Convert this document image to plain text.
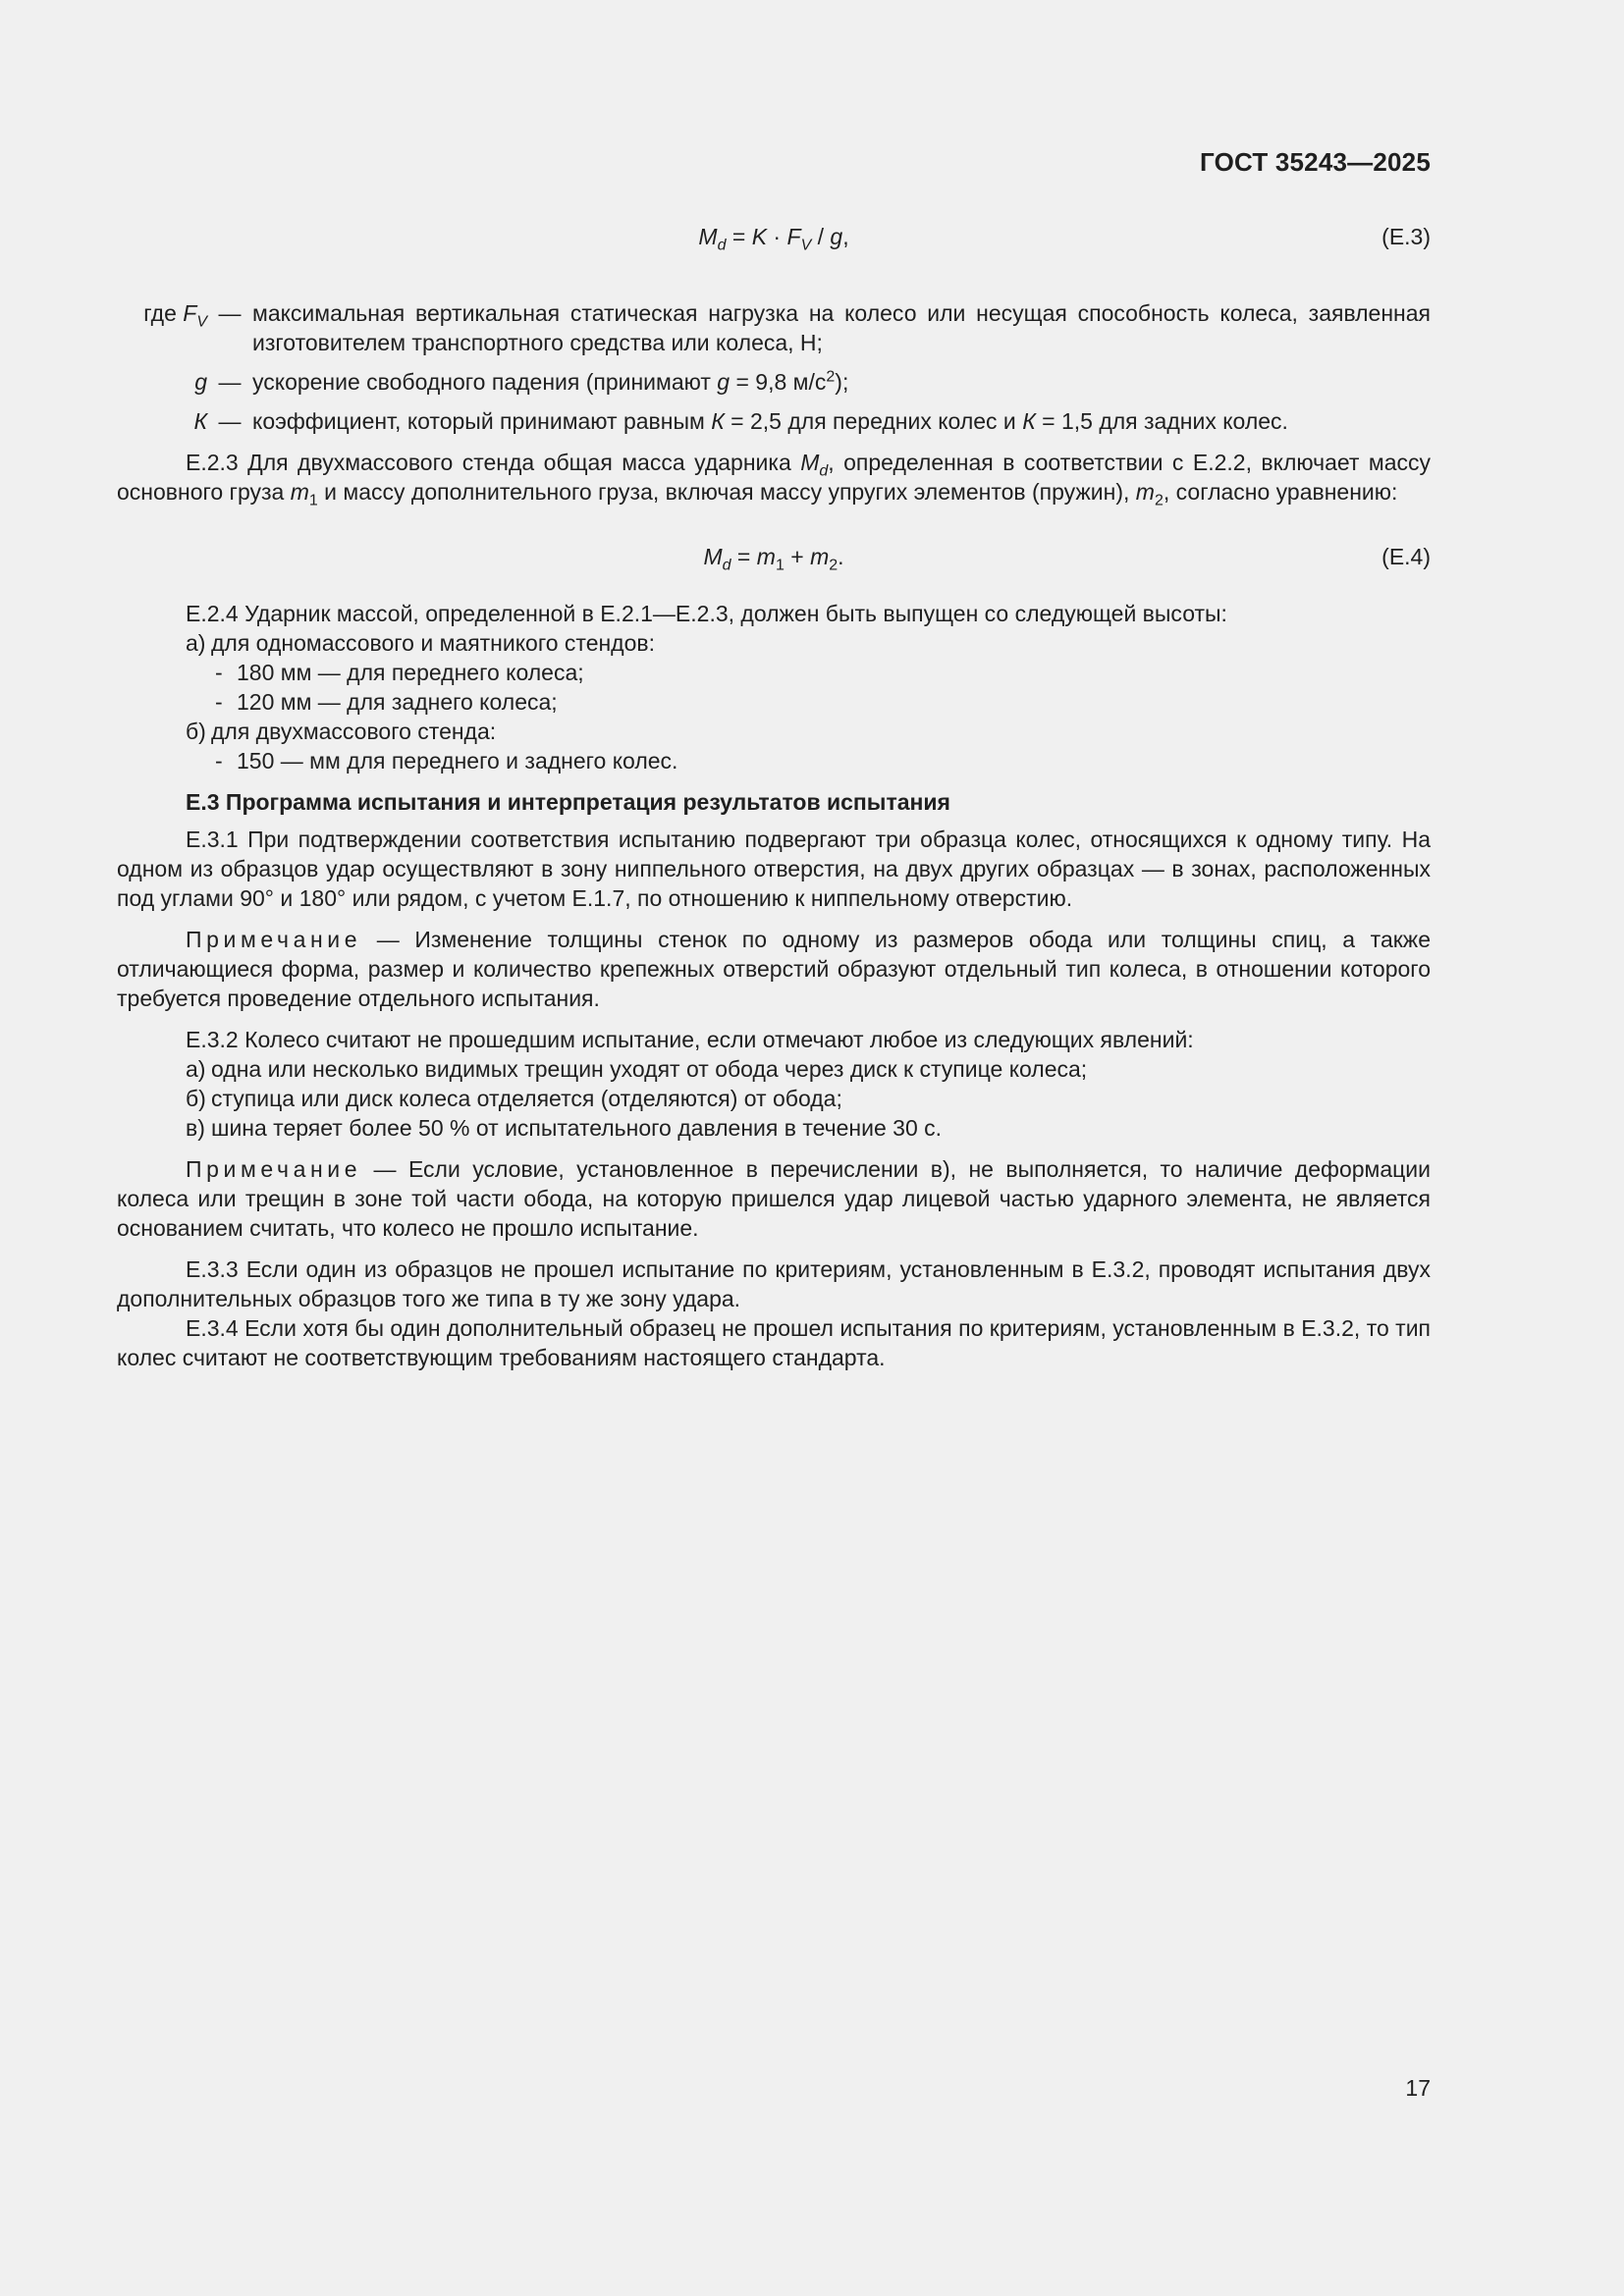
ГОСТ 35243—2025
$M_d = K \cdot F_V / g$,	(Е.3)
где $F_V$ — максимальная вертикальная статическая нагрузка на колесо или несущая способность колеса, заявленная изготовителем транспортного средства или колеса, Н;
g — ускорение свободного падения (принимают g = 9,8 $м/с^2$);
К — коэффициент, который принимают равным К = 2,5 для передних колес и К = 1,5 для задних колес.

Е.2.3 Для двухмассового стенда общая масса ударника $M_d$, определенная в соответствии с Е.2.2, включает массу основного груза $m_1$ и массу дополнительного груза, включая массу упругих элементов (пружин), $m_2$, согласно уравнению:

$M_d = m_1 + m_2$.	(Е.4)

Е.2.4 Ударник массой, определенной в Е.2.1—Е.2.3, должен быть выпущен со следующей высоты:

а) для одномассового и маятникого стендов:
- 180 мм — для переднего колеса;
- 120 мм — для заднего колеса;
б) для двухмассового стенда:
- 150 — мм для переднего и заднего колес.

Е.3 Программа испытания и интерпретация результатов испытания

Е.3.1 При подтверждении соответствия испытанию подвергают три образца колес, относящихся к одному типу. На одном из образцов удар осуществляют в зону ниппельного отверстия, на двух других образцах — в зонах, расположенных под углами 90° и 180° или рядом, с учетом Е.1.7, по отношению к ниппельному отверстию.

Примечание — Изменение толщины стенок по одному из размеров обода или толщины спиц, а также отличающиеся форма, размер и количество крепежных отверстий образуют отдельный тип колеса, в отношении которого требуется проведение отдельного испытания.

Е.3.2 Колесо считают не прошедшим испытание, если отмечают любое из следующих явлений:

а) одна или несколько видимых трещин уходят от обода через диск к ступице колеса;
б) ступица или диск колеса отделяется (отделяются) от обода;
в) шина теряет более 50 % от испытательного давления в течение 30 с.

Примечание — Если условие, установленное в перечислении в), не выполняется, то наличие деформации колеса или трещин в зоне той части обода, на которую пришелся удар лицевой частью ударного элемента, не является основанием считать, что колесо не прошло испытание.

Е.3.3 Если один из образцов не прошел испытание по критериям, установленным в Е.3.2, проводят испытания двух дополнительных образцов того же типа в ту же зону удара.

Е.3.4 Если хотя бы один дополнительный образец не прошел испытания по критериям, установленным в Е.3.2, то тип колес считают не соответствующим требованиям настоящего стандарта.

17
